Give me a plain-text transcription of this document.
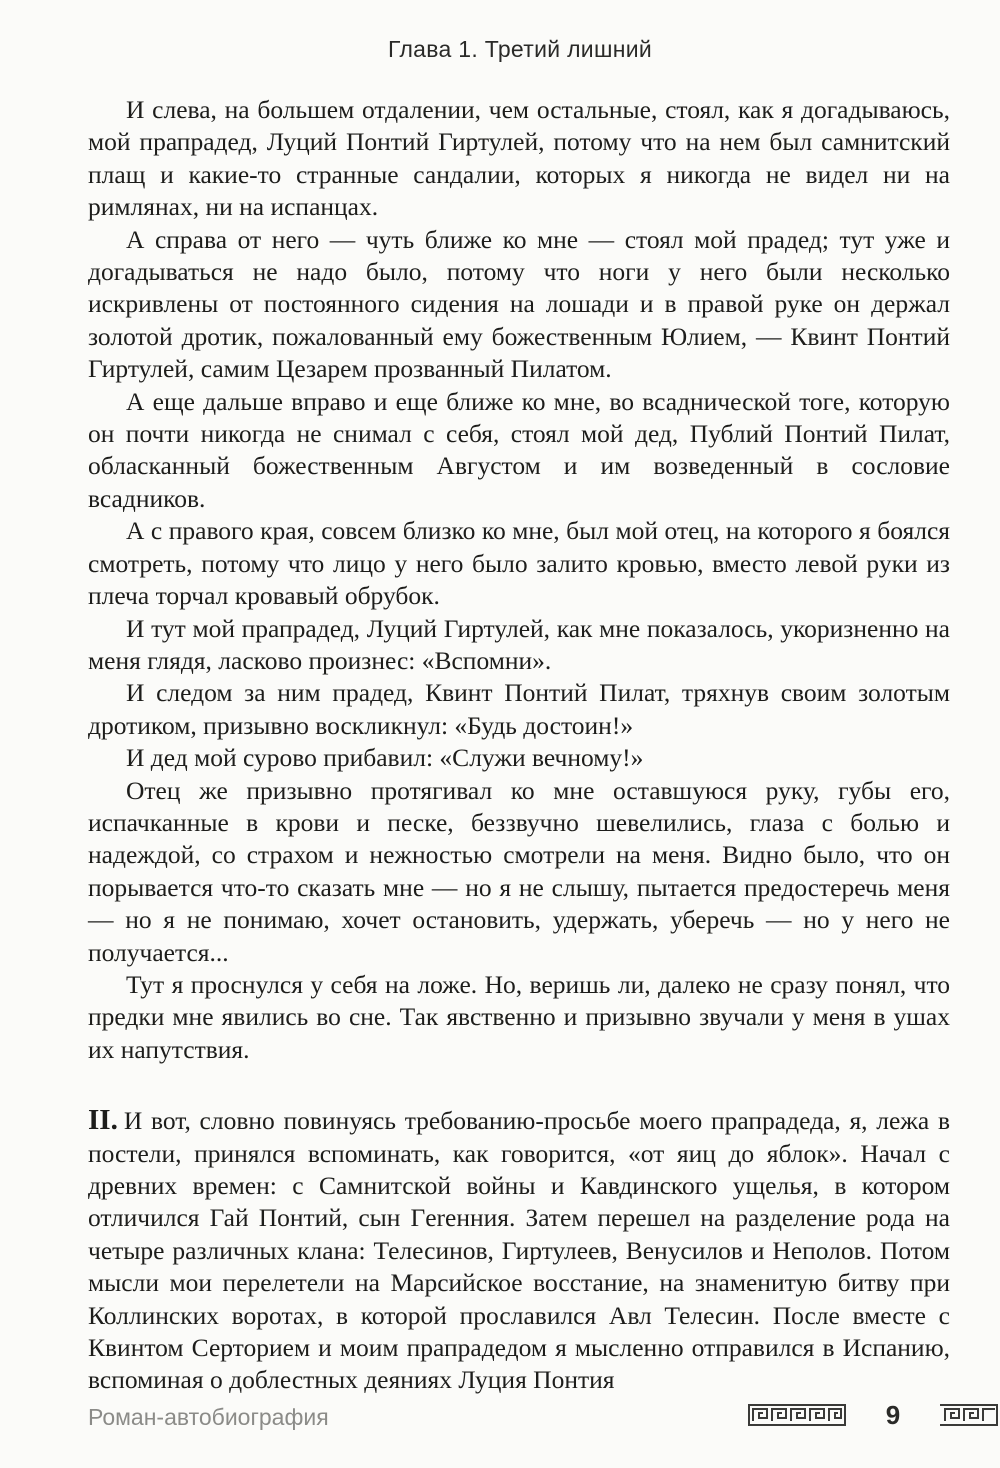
Глава 1. Третий лишний

И слева, на большем отдалении, чем остальные, стоял, как я догадываюсь, мой прапрадед, Луций Понтий Гиртулей, потому что на нем был самнитский плащ и какие-то странные сандалии, которых я никогда не видел ни на римлянах, ни на испанцах.

А справа от него — чуть ближе ко мне — стоял мой прадед; тут уже и догадываться не надо было, потому что ноги у него были несколько искривлены от постоянного сидения на лошади и в правой руке он держал золотой дротик, пожалованный ему божественным Юлием, — Квинт Понтий Гиртулей, самим Цезарем прозванный Пилатом.

А еще дальше вправо и еще ближе ко мне, во всаднической тоге, которую он почти никогда не снимал с себя, стоял мой дед, Публий Понтий Пилат, обласканный божественным Августом и им возведенный в сословие всадников.

А с правого края, совсем близко ко мне, был мой отец, на которого я боялся смотреть, потому что лицо у него было залито кровью, вместо левой руки из плеча торчал кровавый обрубок.

И тут мой прапрадед, Луций Гиртулей, как мне показалось, укоризненно на меня глядя, ласково произнес: «Вспомни».

И следом за ним прадед, Квинт Понтий Пилат, тряхнув своим золотым дротиком, призывно воскликнул: «Будь достоин!»

И дед мой сурово прибавил: «Служи вечному!»

Отец же призывно протягивал ко мне оставшуюся руку, губы его, испачканные в крови и песке, беззвучно шевелились, глаза с болью и надеждой, со страхом и нежностью смотрели на меня. Видно было, что он порывается что-то сказать мне — но я не слышу, пытается предостеречь меня — но я не понимаю, хочет остановить, удержать, уберечь — но у него не получается...

Тут я проснулся у себя на ложе. Но, веришь ли, далеко не сразу понял, что предки мне явились во сне. Так явственно и призывно звучали у меня в ушах их напутствия.

II. И вот, словно повинуясь требованию-просьбе моего прапрадеда, я, лежа в постели, принялся вспоминать, как говорится, «от яиц до яблок». Начал с древних времен: с Самнитской войны и Кавдинского ущелья, в котором отличился Гай Понтий, сын Гerенния. Затем перешел на разделение рода на четыре различных клана: Телесинов, Гиртулеев, Венусилов и Неполов. Потом мысли мои перелетели на Марсийское восстание, на знаменитую битву при Коллинских воротах, в которой прославился Авл Телесин. После вместе с Квинтом Серторием и моим прапрадедом я мысленно отправился в Испанию, вспоминая о доблестных деяниях Луция Понтия

Роман-автобиография	9
